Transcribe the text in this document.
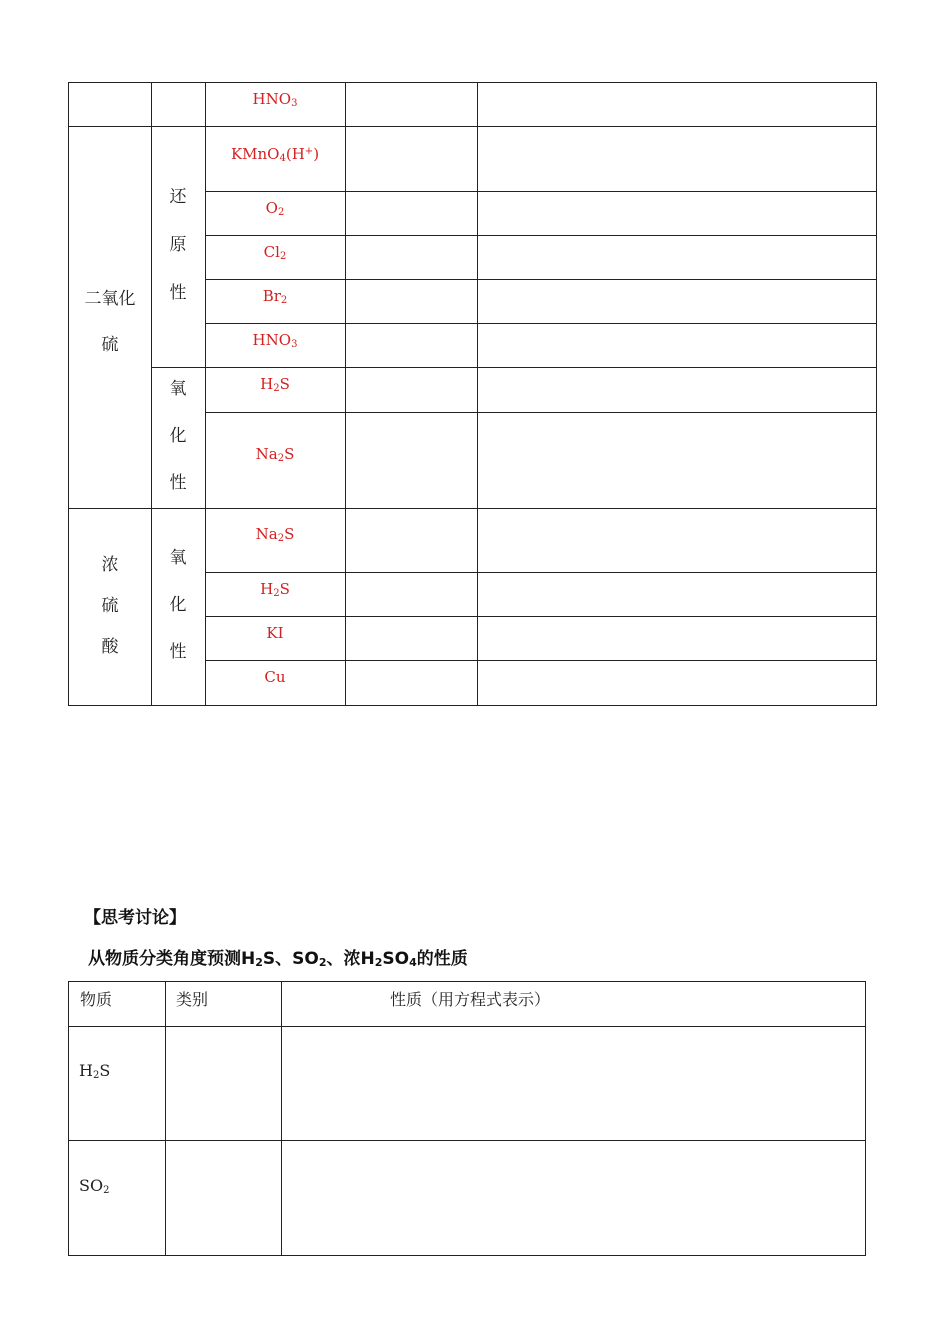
$HNO_3$
二氧化
硫
还
原
性
KMnO$_4$(H+)
$O_2$
$Cl_2$
$Br_2$
$HNO_3$
氧
化
性
$H_2S$
$Na_2S$
浓
硫
酸
氧
化
性
$Na_2S$
$H_2S$
KI
Cu
【思考讨论】
从物质分类角度预测$H_2S$、$SO_2$、浓$H_2SO_4$的性质
物质	类别	性质（用方程式表示）
$H_2S$
$SO_2$
